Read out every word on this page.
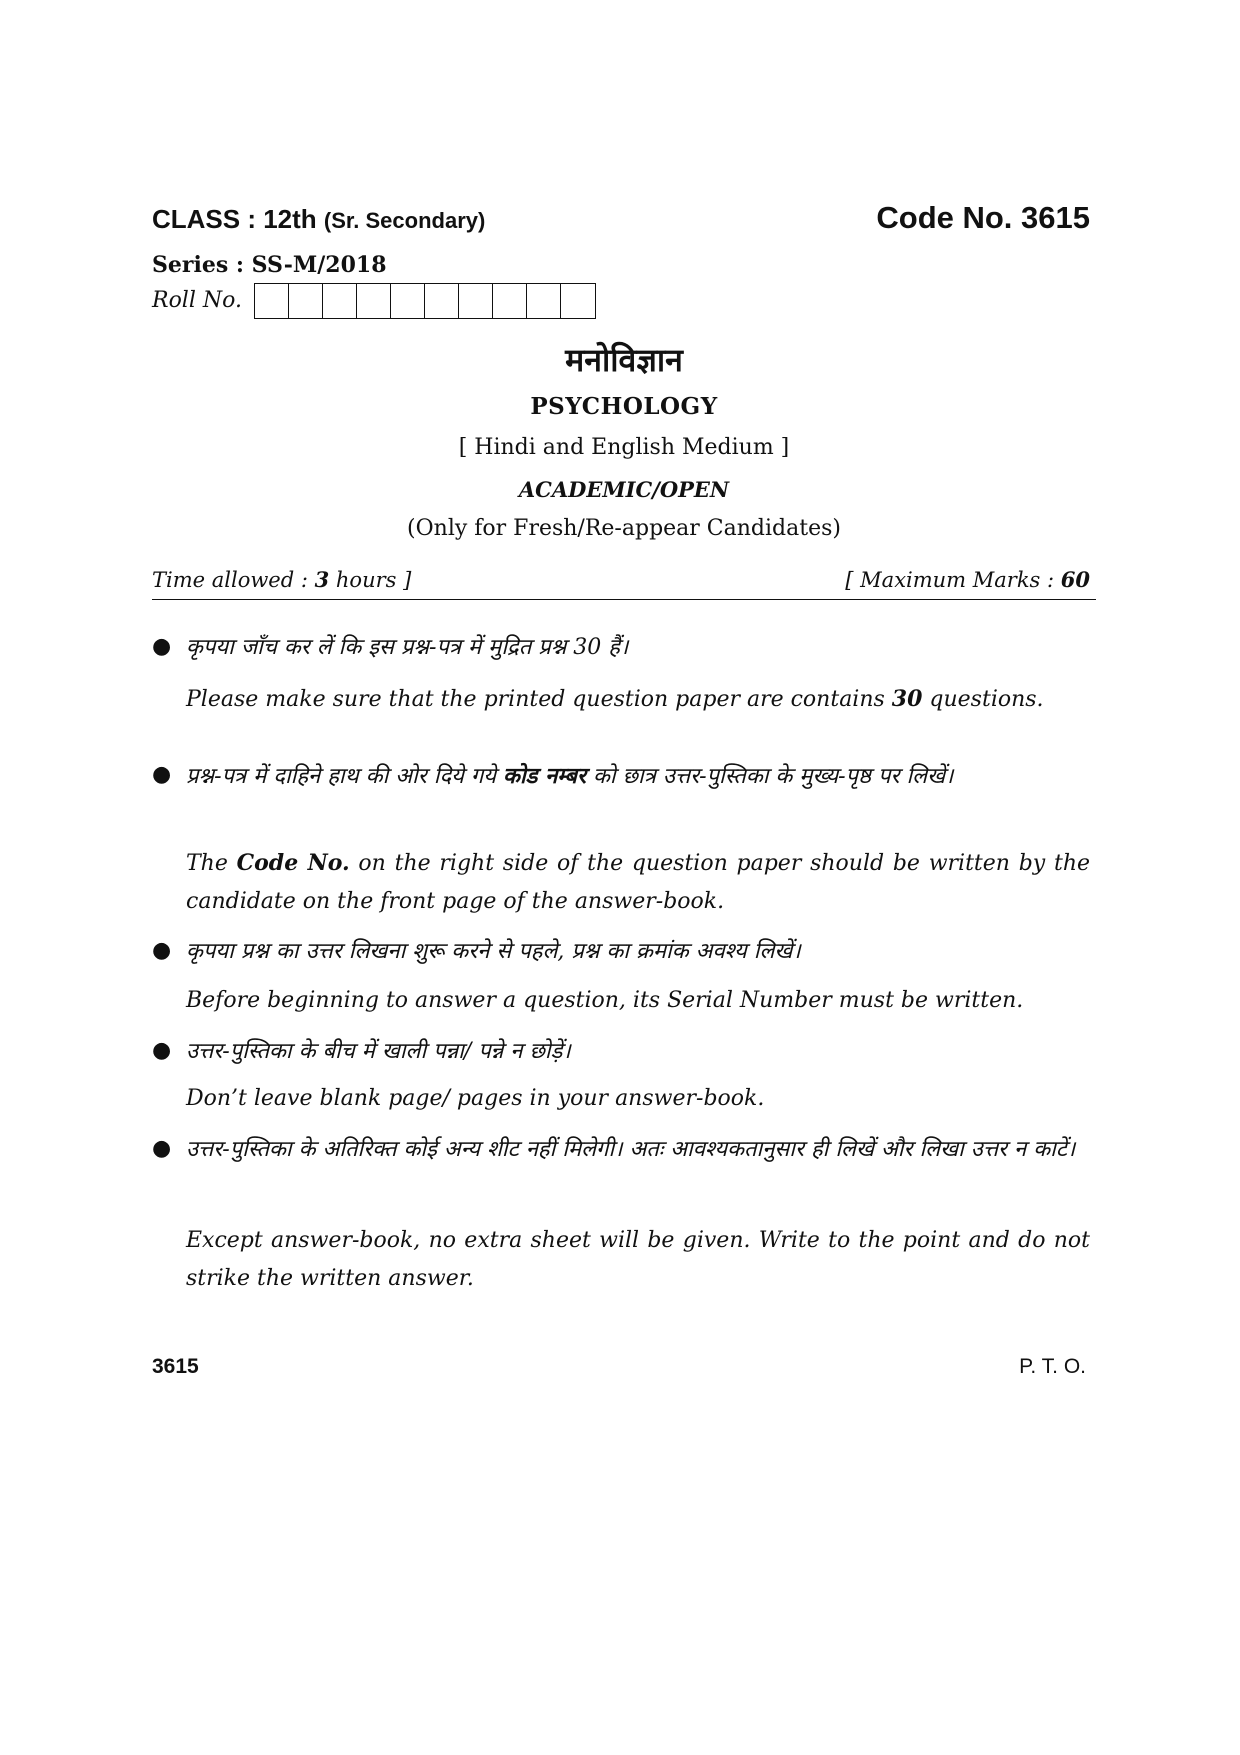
CLASS : 12th (Sr. Secondary)	Code No. 3615
Series : SS-M/2018
Roll No.
मनोविज्ञान
PSYCHOLOGY
[ Hindi and English Medium ]
ACADEMIC/OPEN
(Only for Fresh/Re-appear Candidates)
Time allowed : 3 hours ]	[ Maximum Marks : 60
● कृपया जाँच कर लें कि इस प्रश्न-पत्र में मुद्रित प्रश्न 30 हैं।
Please make sure that the printed question paper are contains 30 questions.
● प्रश्न-पत्र में दाहिने हाथ की ओर दिये गये कोड नम्बर को छात्र उत्तर-पुस्तिका के मुख्य-पृष्ठ पर लिखें।
The Code No. on the right side of the question paper should be written by the candidate on the front page of the answer-book.
● कृपया प्रश्न का उत्तर लिखना शुरू करने से पहले, प्रश्न का क्रमांक अवश्य लिखें।
Before beginning to answer a question, its Serial Number must be written.
● उत्तर-पुस्तिका के बीच में खाली पन्ना/ पन्ने न छोड़ें।
Don’t leave blank page/ pages in your answer-book.
● उत्तर-पुस्तिका के अतिरिक्त कोई अन्य शीट नहीं मिलेगी। अतः आवश्यकतानुसार ही लिखें और लिखा उत्तर न काटें।
Except answer-book, no extra sheet will be given. Write to the point and do not strike the written answer.
3615	P. T. O.
